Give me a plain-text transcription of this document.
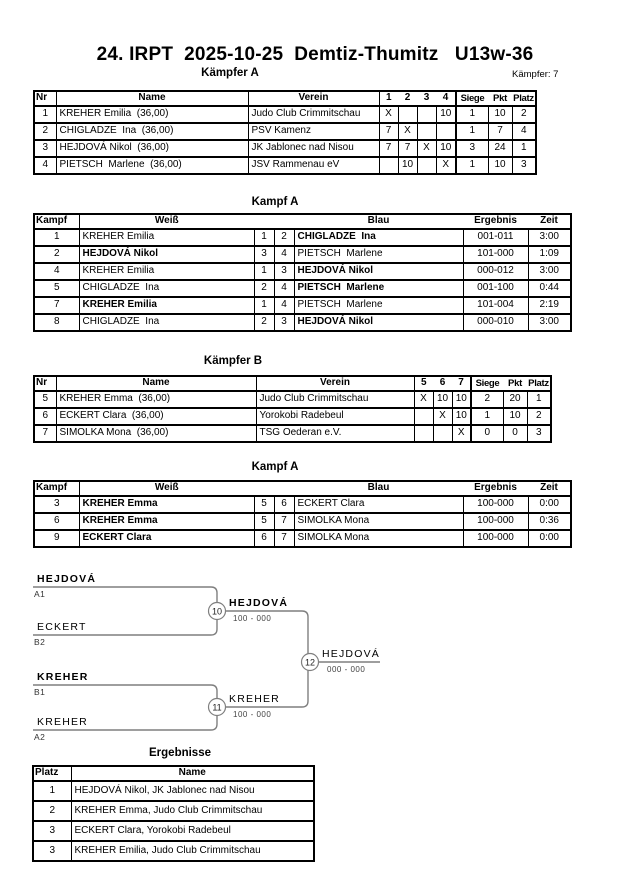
24. IRPT  2025-10-25  Demtiz-Thumitz   U13w-36
Kämpfer A	Kämpfer: 7
Nr	Name	Verein	1	2	3	4	Siege	Pkt	Platz
1	KREHER Emilia  (36,00)	Judo Club Crimmitschau	X			10	1	10	2
2	CHIGLADZE  Ina  (36,00)	PSV Kamenz	7	X			1	7	4
3	HEJDOVÁ Nikol  (36,00)	JK Jablonec nad Nisou	7	7	X	10	3	24	1
4	PIETSCH  Marlene  (36,00)	JSV Rammenau eV		10		X	1	10	3
Kampf A
Kampf	Weiß			Blau	Ergebnis	Zeit
1	KREHER Emilia	1	2	CHIGLADZE  Ina	001-011	3:00
2	HEJDOVÁ Nikol	3	4	PIETSCH  Marlene	101-000	1:09
4	KREHER Emilia	1	3	HEJDOVÁ Nikol	000-012	3:00
5	CHIGLADZE  Ina	2	4	PIETSCH  Marlene	001-100	0:44
7	KREHER Emilia	1	4	PIETSCH  Marlene	101-004	2:19
8	CHIGLADZE  Ina	2	3	HEJDOVÁ Nikol	000-010	3:00
Kämpfer B
Nr	Name	Verein	5	6	7	Siege	Pkt	Platz
5	KREHER Emma  (36,00)	Judo Club Crimmitschau	X	10	10	2	20	1
6	ECKERT Clara  (36,00)	Yorokobi Radebeul		X	10	1	10	2
7	SIMOLKA Mona  (36,00)	TSG Oederan e.V.			X	0	0	3
Kampf A
Kampf	Weiß			Blau	Ergebnis	Zeit
3	KREHER Emma	5	6	ECKERT Clara	100-000	0:00
6	KREHER Emma	5	7	SIMOLKA Mona	100-000	0:36
9	ECKERT Clara	6	7	SIMOLKA Mona	100-000	0:00
10
11
12
HEJDOVÁ
A1
ECKERT
B2
HEJDOVÁ
100 - 000
KREHER
B1
KREHER
A2
KREHER
100 - 000
HEJDOVÁ
000 - 000
Ergebnisse
Platz	Name
1	HEJDOVÁ Nikol, JK Jablonec nad Nisou
2	KREHER Emma, Judo Club Crimmitschau
3	ECKERT Clara, Yorokobi Radebeul
3	KREHER Emilia, Judo Club Crimmitschau
